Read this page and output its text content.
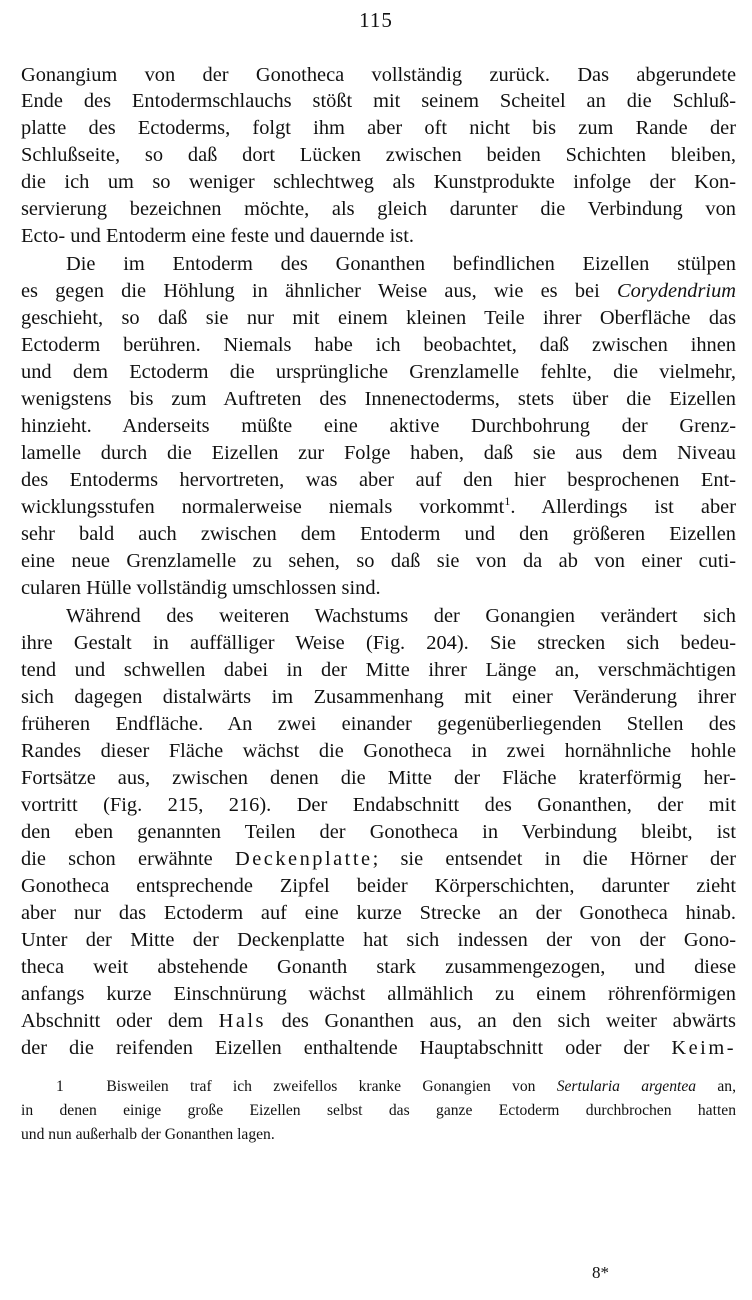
115
Gonangium von der Gonotheca vollständig zurück. Das abgerundete
Ende des Entodermschlauchs stößt mit seinem Scheitel an die Schluß-
platte des Ectoderms, folgt ihm aber oft nicht bis zum Rande der
Schlußseite, so daß dort Lücken zwischen beiden Schichten bleiben,
die ich um so weniger schlechtweg als Kunstprodukte infolge der Kon-
servierung bezeichnen möchte, als gleich darunter die Verbindung von
Ecto- und Entoderm eine feste und dauernde ist.
Die im Entoderm des Gonanthen befindlichen Eizellen stülpen
es gegen die Höhlung in ähnlicher Weise aus, wie es bei Corydendrium
geschieht, so daß sie nur mit einem kleinen Teile ihrer Oberfläche das
Ectoderm berühren. Niemals habe ich beobachtet, daß zwischen ihnen
und dem Ectoderm die ursprüngliche Grenzlamelle fehlte, die vielmehr,
wenigstens bis zum Auftreten des Innenectoderms, stets über die Eizellen
hinzieht. Anderseits müßte eine aktive Durchbohrung der Grenz-
lamelle durch die Eizellen zur Folge haben, daß sie aus dem Niveau
des Entoderms hervortreten, was aber auf den hier besprochenen Ent-
wicklungsstufen normalerweise niemals vorkommt$^1$. Allerdings ist aber
sehr bald auch zwischen dem Entoderm und den größeren Eizellen
eine neue Grenzlamelle zu sehen, so daß sie von da ab von einer cuti-
cularen Hülle vollständig umschlossen sind.
Während des weiteren Wachstums der Gonangien verändert sich
ihre Gestalt in auffälliger Weise (Fig. 204). Sie strecken sich bedeu-
tend und schwellen dabei in der Mitte ihrer Länge an, verschmächtigen
sich dagegen distalwärts im Zusammenhang mit einer Veränderung ihrer
früheren Endfläche. An zwei einander gegenüberliegenden Stellen des
Randes dieser Fläche wächst die Gonotheca in zwei hornähnliche hohle
Fortsätze aus, zwischen denen die Mitte der Fläche kraterförmig her-
vortritt (Fig. 215, 216). Der Endabschnitt des Gonanthen, der mit
den eben genannten Teilen der Gonotheca in Verbindung bleibt, ist
die schon erwähnte Deckenplatte; sie entsendet in die Hörner der
Gonotheca entsprechende Zipfel beider Körperschichten, darunter zieht
aber nur das Ectoderm auf eine kurze Strecke an der Gonotheca hinab.
Unter der Mitte der Deckenplatte hat sich indessen der von der Gono-
theca weit abstehende Gonanth stark zusammengezogen, und diese
anfangs kurze Einschnürung wächst allmählich zu einem röhrenförmigen
Abschnitt oder dem Hals des Gonanthen aus, an den sich weiter abwärts
der die reifenden Eizellen enthaltende Hauptabschnitt oder der Keim-
1	Bisweilen traf ich zweifellos kranke Gonangien von Sertularia argentea an,
in denen einige große Eizellen selbst das ganze Ectoderm durchbrochen hatten
und nun außerhalb der Gonanthen lagen.
8*
